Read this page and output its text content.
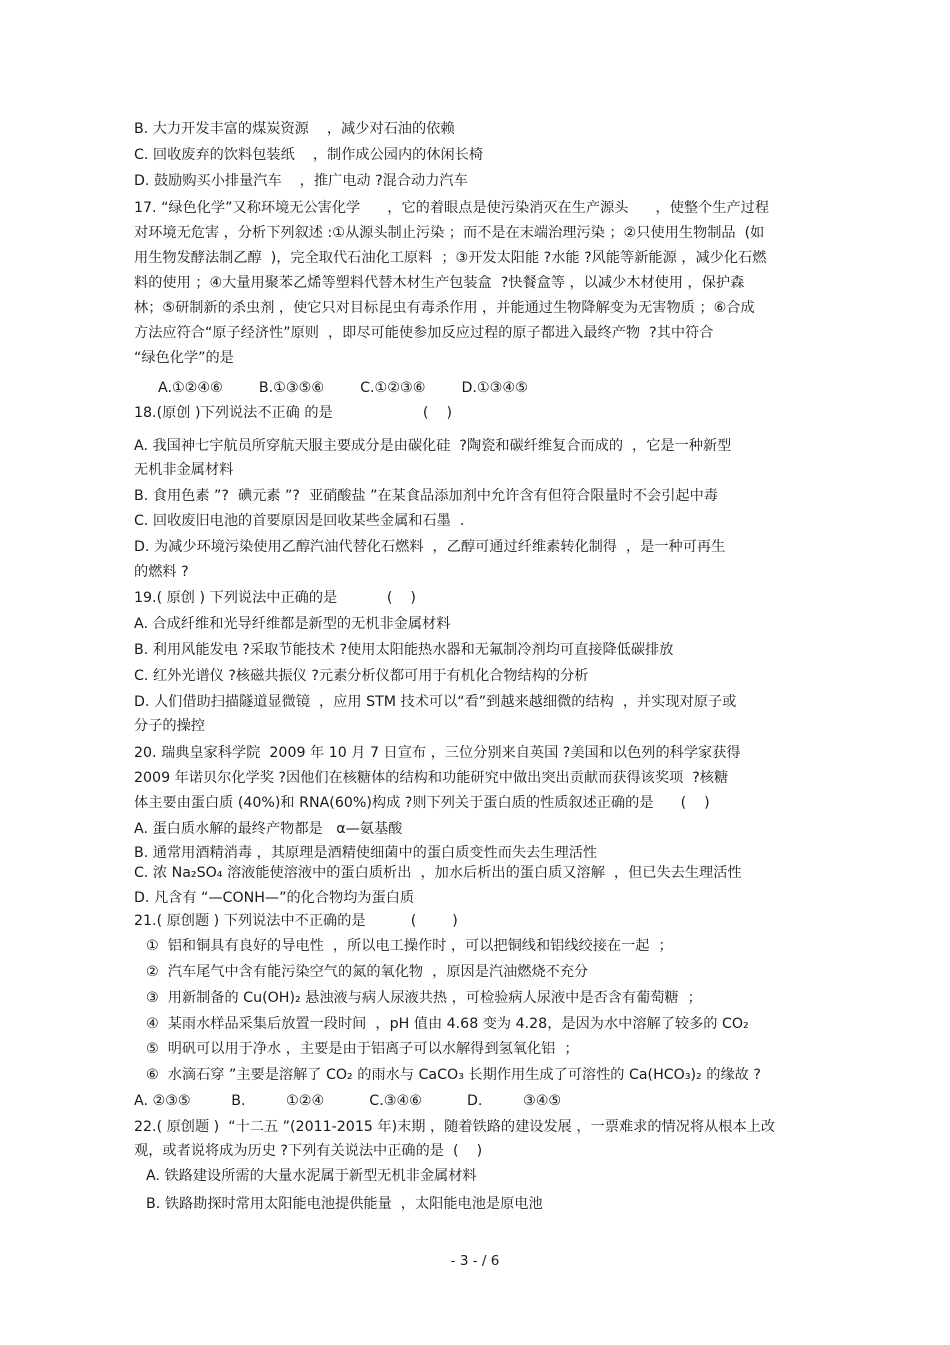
B. 大力开发丰富的煤炭资源    ，减少对石油的依赖
C. 回收废弃的饮料包装纸    ，制作成公园内的休闲长椅
D. 鼓励购买小排量汽车    ，推广电动 ?混合动力汽车
17. “绿色化学”又称环境无公害化学      ，它的着眼点是使污染消灭在生产源头      ，使整个生产过程
对环境无危害 ，分析下列叙述 :①从源头制止污染 ；而不是在末端治理污染 ；②只使用生物制品  (如
用生物发酵法制乙醇  )，完全取代石油化工原料  ；③开发太阳能 ?水能 ?风能等新能源 ，减少化石燃
料的使用 ；④大量用聚苯乙烯等塑料代替木材生产包装盒  ?快餐盒等 ，以减少木材使用 ，保护森
林；⑤研制新的杀虫剂 ，使它只对目标昆虫有毒杀作用 ，并能通过生物降解变为无害物质 ；⑥合成
方法应符合“原子经济性”原则  ，即尽可能使参加反应过程的原子都进入最终产物  ?其中符合
“绿色化学”的是
A.①②④⑥        B.①③⑤⑥        C.①②③⑥        D.①③④⑤
18.(原创 )下列说法不正确 的是                    (    )
A. 我国神七宇航员所穿航天服主要成分是由碳化硅  ?陶瓷和碳纤维复合而成的  ，它是一种新型
无机非金属材料
B. 食用色素 ”?  碘元素 ”?  亚硝酸盐 ”在某食品添加剂中允许含有但符合限量时不会引起中毒
C. 回收废旧电池的首要原因是回收某些金属和石墨  .
D. 为减少环境污染使用乙醇汽油代替化石燃料  ，乙醇可通过纤维素转化制得  ，是一种可再生
的燃料 ?
19.( 原创 ) 下列说法中正确的是           (    )
A. 合成纤维和光导纤维都是新型的无机非金属材料
B. 利用风能发电 ?采取节能技术 ?使用太阳能热水器和无氟制冷剂均可直接降低碳排放
C. 红外光谱仪 ?核磁共振仪 ?元素分析仪都可用于有机化合物结构的分析
D. 人们借助扫描隧道显微镜  ，应用 STM 技术可以“看”到越来越细微的结构  ，并实现对原子或
分子的操控
20. 瑞典皇家科学院  2009 年 10 月 7 日宣布 ，三位分别来自英国 ?美国和以色列的科学家获得
2009 年诺贝尔化学奖 ?因他们在核糖体的结构和功能研究中做出突出贡献而获得该奖项  ?核糖
体主要由蛋白质 (40%)和 RNA(60%)构成 ?则下列关于蛋白质的性质叙述正确的是      (    )
A. 蛋白质水解的最终产物都是   α—氨基酸
B. 通常用酒精消毒 ，其原理是酒精使细菌中的蛋白质变性而失去生理活性
C. 浓 Na₂SO₄ 溶液能使溶液中的蛋白质析出  ，加水后析出的蛋白质又溶解  ，但已失去生理活性
D. 凡含有 “—CONH—”的化合物均为蛋白质
21.( 原创题 ) 下列说法中不正确的是          (        )
①  铝和铜具有良好的导电性  ，所以电工操作时 ，可以把铜线和铝线绞接在一起  ；
②  汽车尾气中含有能污染空气的氮的氧化物  ，原因是汽油燃烧不充分
③  用新制备的 Cu(OH)₂ 悬浊液与病人尿液共热 ，可检验病人尿液中是否含有葡萄糖  ；
④  某雨水样品采集后放置一段时间  ，pH 值由 4.68 变为 4.28，是因为水中溶解了较多的 CO₂
⑤  明矾可以用于净水 ，主要是由于铝离子可以水解得到氢氧化铝  ；
⑥  水滴石穿 ”主要是溶解了 CO₂ 的雨水与 CaCO₃ 长期作用生成了可溶性的 Ca(HCO₃)₂ 的缘故 ?
A. ②③⑤         B.         ①②④          C.③④⑥          D.         ③④⑤
22.( 原创题 )  “十二五 ”(2011-2015 年)末期 ，随着铁路的建设发展 ，一票难求的情况将从根本上改
观，或者说将成为历史 ?下列有关说法中正确的是  (    )
A. 铁路建设所需的大量水泥属于新型无机非金属材料
B. 铁路勘探时常用太阳能电池提供能量  ，太阳能电池是原电池
- 3 - / 6
